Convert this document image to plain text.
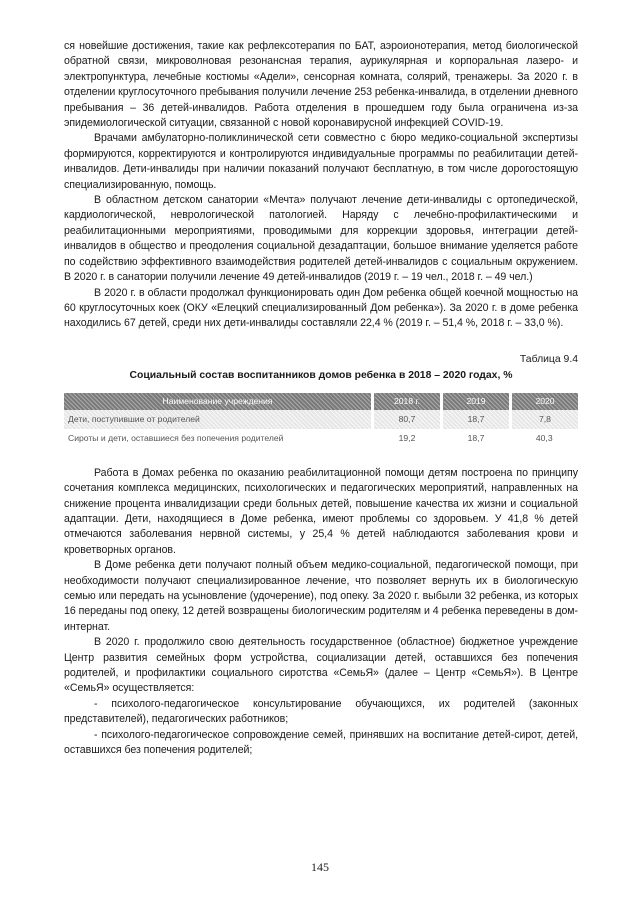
ся новейшие достижения, такие как рефлексотерапия по БАТ, аэроионотерапия, метод биологической обратной связи, микроволновая резонансная терапия, аурикулярная и корпоральная лазеро- и электропунктура, лечебные костюмы «Адели», сенсорная комната, солярий, тренажеры. За 2020 г. в отделении круглосуточного пребывания получили лечение 253 ребенка-инвалида, в отделении дневного пребывания – 36 детей-инвалидов. Работа отделения в прошедшем году была ограничена из-за эпидемиологической ситуации, связанной с новой коронавирусной инфекцией COVID-19.

Врачами амбулаторно-поликлинической сети совместно с бюро медико-социальной экспертизы формируются, корректируются и контролируются индивидуальные программы по реабилитации детей-инвалидов. Дети-инвалиды при наличии показаний получают бесплатную, в том числе дорогостоящую специализированную, помощь.

В областном детском санатории «Мечта» получают лечение дети-инвалиды с ортопедической, кардиологической, неврологической патологией. Наряду с лечебно-профилактическими и реабилитационными мероприятиями, проводимыми для коррекции здоровья, интеграции детей-инвалидов в общество и преодоления социальной дезадаптации, большое внимание уделяется работе по содействию эффективного взаимодействия родителей детей-инвалидов с социальным окружением. В 2020 г. в санатории получили лечение 49 детей-инвалидов (2019 г. – 19 чел., 2018 г. – 49 чел.)

В 2020 г. в области продолжал функционировать один Дом ребенка общей коечной мощностью на 60 круглосуточных коек (ОКУ «Елецкий специализированный Дом ребенка»). За 2020 г. в доме ребенка находились 67 детей, среди них дети-инвалиды составляли 22,4 % (2019 г. – 51,4 %, 2018 г. – 33,0 %).

Таблица 9.4

Социальный состав воспитанников домов ребенка в 2018 – 2020 годах, %

Наименование учреждения	2018 г.	2019	2020
Дети, поступившие от родителей	80,7	18,7	7,8
Сироты и дети, оставшиеся без попечения родителей	19,2	18,7	40,3

Работа в Домах ребенка по оказанию реабилитационной помощи детям построена по принципу сочетания комплекса медицинских, психологических и педагогических мероприятий, направленных на снижение процента инвалидизации среди больных детей, повышение качества их жизни и социальной адаптации. Дети, находящиеся в Доме ребенка, имеют проблемы со здоровьем. У 41,8 % детей отмечаются заболевания нервной системы, у 25,4 % детей наблюдаются заболевания крови и кроветворных органов.

В Доме ребенка дети получают полный объем медико-социальной, педагогической помощи, при необходимости получают специализированное лечение, что позволяет вернуть их в биологическую семью или передать на усыновление (удочерение), под опеку. За 2020 г. выбыли 32 ребенка, из которых 16 переданы под опеку, 12 детей возвращены биологическим родителям и 4 ребенка переведены в дом-интернат.

В 2020 г. продолжило свою деятельность государственное (областное) бюджетное учреждение Центр развития семейных форм устройства, социализации детей, оставшихся без попечения родителей, и профилактики социального сиротства «СемьЯ» (далее – Центр «СемьЯ»). В Центре «СемьЯ» осуществляется:

- психолого-педагогическое консультирование обучающихся, их родителей (законных представителей), педагогических работников;

- психолого-педагогическое сопровождение семей, принявших на воспитание детей-сирот, детей, оставшихся без попечения родителей;

145
